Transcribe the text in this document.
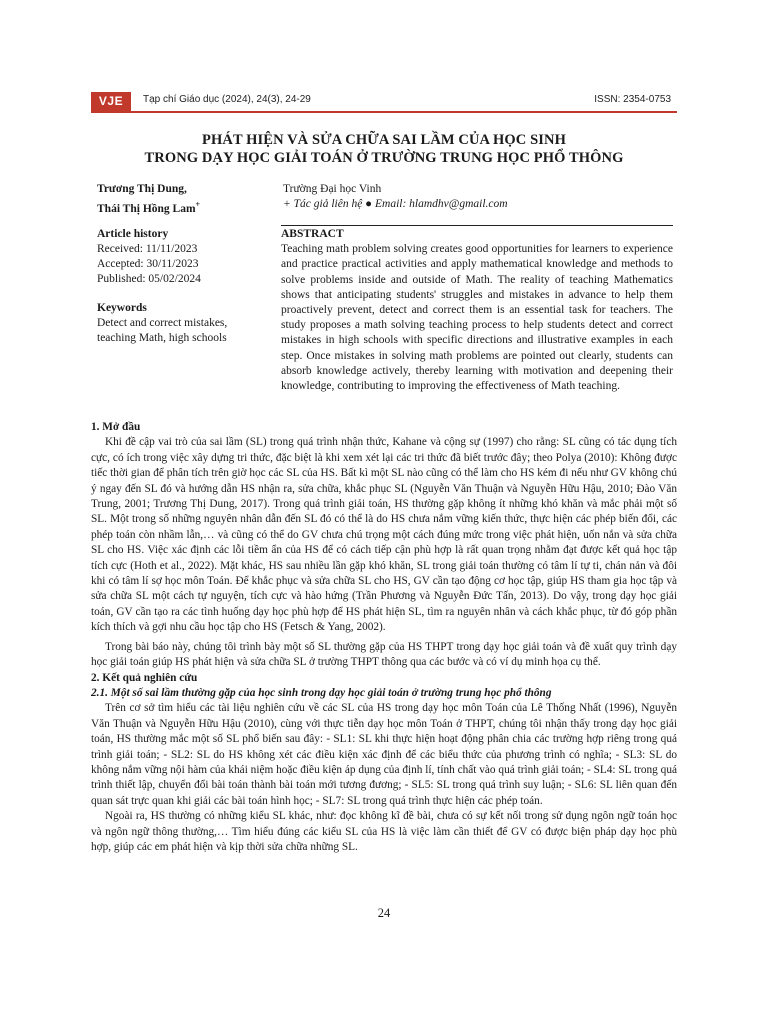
VJE	Tạp chí Giáo dục (2024), 24(3), 24-29	ISSN: 2354-0753
PHÁT HIỆN VÀ SỬA CHỮA SAI LẦM CỦA HỌC SINH
TRONG DẠY HỌC GIẢI TOÁN Ở TRƯỜNG TRUNG HỌC PHỔ THÔNG
Trương Thị Dung,
Thái Thị Hồng Lam+
Trường Đại học Vinh
+ Tác giả liên hệ ● Email: hlamdhv@gmail.com
Article history
Received: 11/11/2023
Accepted: 30/11/2023
Published: 05/02/2024
Keywords
Detect and correct mistakes, teaching Math, high schools
ABSTRACT
Teaching math problem solving creates good opportunities for learners to experience and practice practical activities and apply mathematical knowledge and methods to solve problems inside and outside of Math. The reality of teaching Mathematics shows that anticipating students' struggles and mistakes in advance to help them proactively prevent, detect and correct them is an essential task for teachers. The study proposes a math solving teaching process to help students detect and correct mistakes in high schools with specific directions and illustrative examples in each step. Once mistakes in solving math problems are pointed out clearly, students can absorb knowledge actively, thereby learning with motivation and deepening their knowledge, contributing to improving the effectiveness of Math teaching.

1. Mở đầu

Khi đề cập vai trò của sai lầm (SL) trong quá trình nhận thức, Kahane và cộng sự (1997) cho rằng: SL cũng có tác dụng tích cực, có ích trong việc xây dựng tri thức, đặc biệt là khi xem xét lại các tri thức đã biết trước đây; theo Polya (2010): Không được tiếc thời gian để phân tích trên giờ học các SL của HS. Bất kì một SL nào cũng có thể làm cho HS kém đi nếu như GV không chú ý ngay đến SL đó và hướng dẫn HS nhận ra, sửa chữa, khắc phục SL (Nguyễn Văn Thuận và Nguyễn Hữu Hậu, 2010; Đào Văn Trung, 2001; Trương Thị Dung, 2017). Trong quá trình giải toán, HS thường gặp không ít những khó khăn và mắc phải một số SL. Một trong số những nguyên nhân dẫn đến SL đó có thể là do HS chưa nắm vững kiến thức, thực hiện các phép biến đổi, các phép toán còn nhầm lẫn,… và cũng có thể do GV chưa chú trọng một cách đúng mức trong việc phát hiện, uốn nắn và sửa chữa SL cho HS. Việc xác định các lỗi tiềm ẩn của HS để có cách tiếp cận phù hợp là rất quan trọng nhằm đạt được kết quả học tập tích cực (Hoth et al., 2022). Mặt khác, HS sau nhiều lần gặp khó khăn, SL trong giải toán thường có tâm lí tự ti, chán nản và đôi khi có tâm lí sợ học môn Toán. Để khắc phục và sửa chữa SL cho HS, GV cần tạo động cơ học tập, giúp HS tham gia học tập và sửa chữa SL một cách tự nguyện, tích cực và hào hứng (Trần Phương và Nguyễn Đức Tấn, 2013). Do vậy, trong dạy học giải toán, GV cần tạo ra các tình huống dạy học phù hợp để HS phát hiện SL, tìm ra nguyên nhân và cách khắc phục, từ đó góp phần kích thích và gợi nhu cầu học tập cho HS (Fetsch & Yang, 2002).

Trong bài báo này, chúng tôi trình bày một số SL thường gặp của HS THPT trong dạy học giải toán và đề xuất quy trình dạy học giải toán giúp HS phát hiện và sửa chữa SL ở trường THPT thông qua các bước và có ví dụ minh họa cụ thể.

2. Kết quả nghiên cứu

2.1. Một số sai lầm thường gặp của học sinh trong dạy học giải toán ở trường trung học phổ thông

Trên cơ sở tìm hiểu các tài liệu nghiên cứu về các SL của HS trong dạy học môn Toán của Lê Thống Nhất (1996), Nguyễn Văn Thuận và Nguyễn Hữu Hậu (2010), cùng với thực tiễn dạy học môn Toán ở THPT, chúng tôi nhận thấy trong dạy học giải toán, HS thường mắc một số SL phổ biến sau đây: - SL1: SL khi thực hiện hoạt động phân chia các trường hợp riêng trong quá trình giải toán; - SL2: SL do HS không xét các điều kiện xác định để các biểu thức của phương trình có nghĩa; - SL3: SL do không nắm vững nội hàm của khái niệm hoặc điều kiện áp dụng của định lí, tính chất vào quá trình giải toán; - SL4: SL trong quá trình thiết lập, chuyển đổi bài toán thành bài toán mới tương đương; - SL5: SL trong quá trình suy luận; - SL6: SL liên quan đến quan sát trực quan khi giải các bài toán hình học; - SL7: SL trong quá trình thực hiện các phép toán.

Ngoài ra, HS thường có những kiểu SL khác, như: đọc không kĩ đề bài, chưa có sự kết nối trong sử dụng ngôn ngữ toán học và ngôn ngữ thông thường,… Tìm hiểu đúng các kiểu SL của HS là việc làm cần thiết để GV có được biện pháp dạy học phù hợp, giúp các em phát hiện và kịp thời sửa chữa những SL.

24
